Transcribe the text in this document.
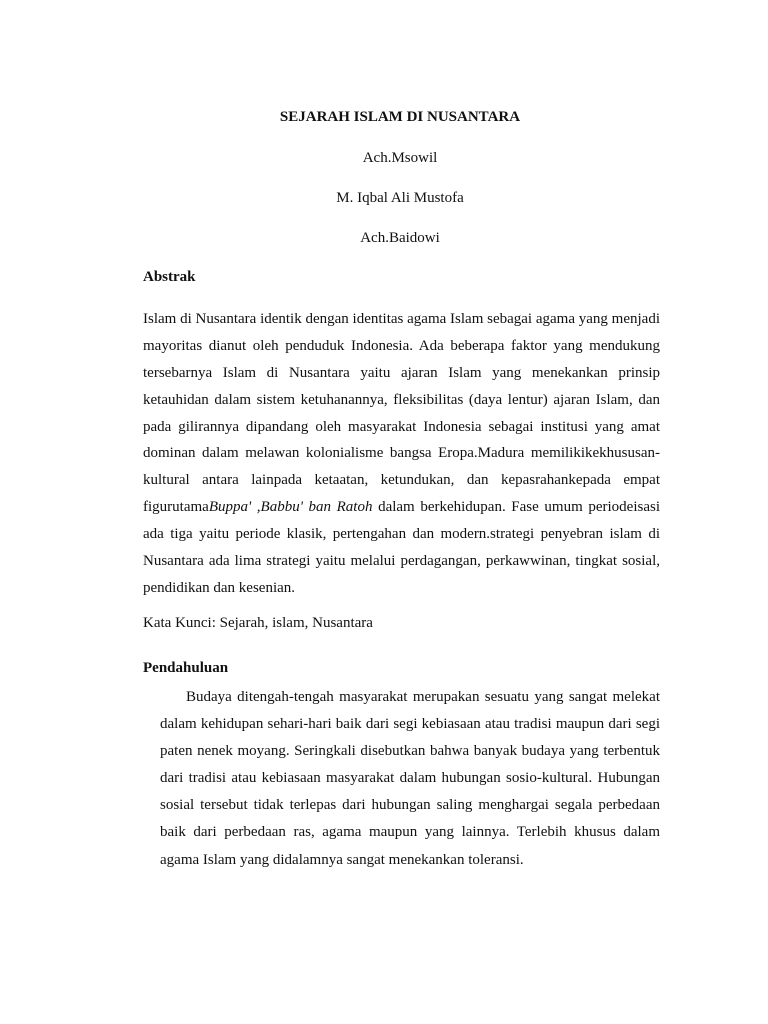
SEJARAH ISLAM DI NUSANTARA
Ach.Msowil
M. Iqbal Ali Mustofa
Ach.Baidowi
Abstrak
Islam di Nusantara identik dengan identitas agama Islam sebagai agama yang menjadi
mayoritas dianut oleh penduduk Indonesia. Ada beberapa faktor yang mendukung
tersebarnya Islam di Nusantara yaitu ajaran Islam yang menekankan prinsip
ketauhidan dalam sistem ketuhanannya, fleksibilitas (daya lentur) ajaran Islam, dan
pada gilirannya dipandang oleh masyarakat Indonesia sebagai institusi yang amat
dominan dalam melawan kolonialisme bangsa Eropa.Madura memilikikekhususan-
kultural antara lainpada ketaatan, ketundukan, dan kepasrahankepada empat
figurutamaBuppa' ,Babbu' ban Ratoh dalam berkehidupan. Fase umum periodeisasi
ada tiga yaitu periode klasik, pertengahan dan modern.strategi penyebran islam di
Nusantara ada lima strategi yaitu melalui perdagangan, perkawwinan, tingkat sosial,
pendidikan dan kesenian.
Kata Kunci: Sejarah, islam, Nusantara
Pendahuluan
Budaya ditengah-tengah masyarakat merupakan sesuatu yang sangat melekat
dalam kehidupan sehari-hari baik dari segi kebiasaan atau tradisi maupun dari segi
paten nenek moyang. Seringkali disebutkan bahwa banyak budaya yang terbentuk
dari tradisi atau kebiasaan masyarakat dalam hubungan sosio-kultural. Hubungan
sosial tersebut tidak terlepas dari hubungan saling menghargai segala perbedaan
baik dari perbedaan ras, agama maupun yang lainnya. Terlebih khusus dalam
agama Islam yang didalamnya sangat menekankan toleransi.
